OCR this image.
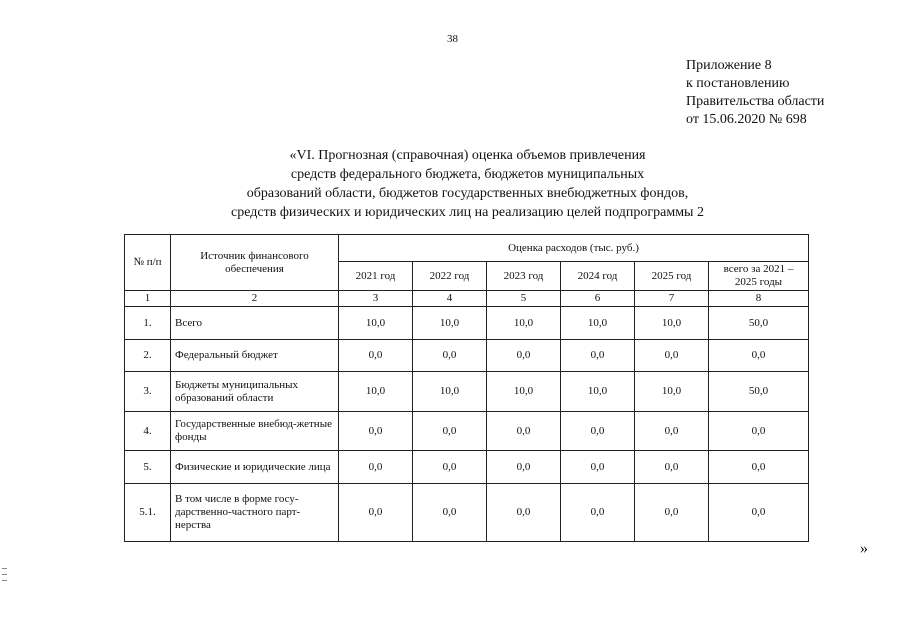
38
Приложение 8
к постановлению
Правительства области
от 15.06.2020 № 698
«VI. Прогнозная (справочная) оценка объемов привлечения
средств федерального бюджета, бюджетов муниципальных
образований области, бюджетов государственных внебюджетных фондов,
средств физических и юридических лиц на реализацию целей подпрограммы 2
№ п/п	Источник финансового обеспечения	Оценка расходов (тыс. руб.)					
		2021 год	2022 год	2023 год	2024 год	2025 год	всего за 2021 – 2025 годы
1	2	3	4	5	6	7	8
1.	Всего	10,0	10,0	10,0	10,0	10,0	50,0
2.	Федеральный бюджет	0,0	0,0	0,0	0,0	0,0	0,0
3.	Бюджеты муниципальных образований области	10,0	10,0	10,0	10,0	10,0	50,0
4.	Государственные внебюд-жетные фонды	0,0	0,0	0,0	0,0	0,0	0,0
5.	Физические и юридические лица	0,0	0,0	0,0	0,0	0,0	0,0
5.1.	В том числе в форме госу-дарственно-частного парт-нерства	0,0	0,0	0,0	0,0	0,0	0,0
»
